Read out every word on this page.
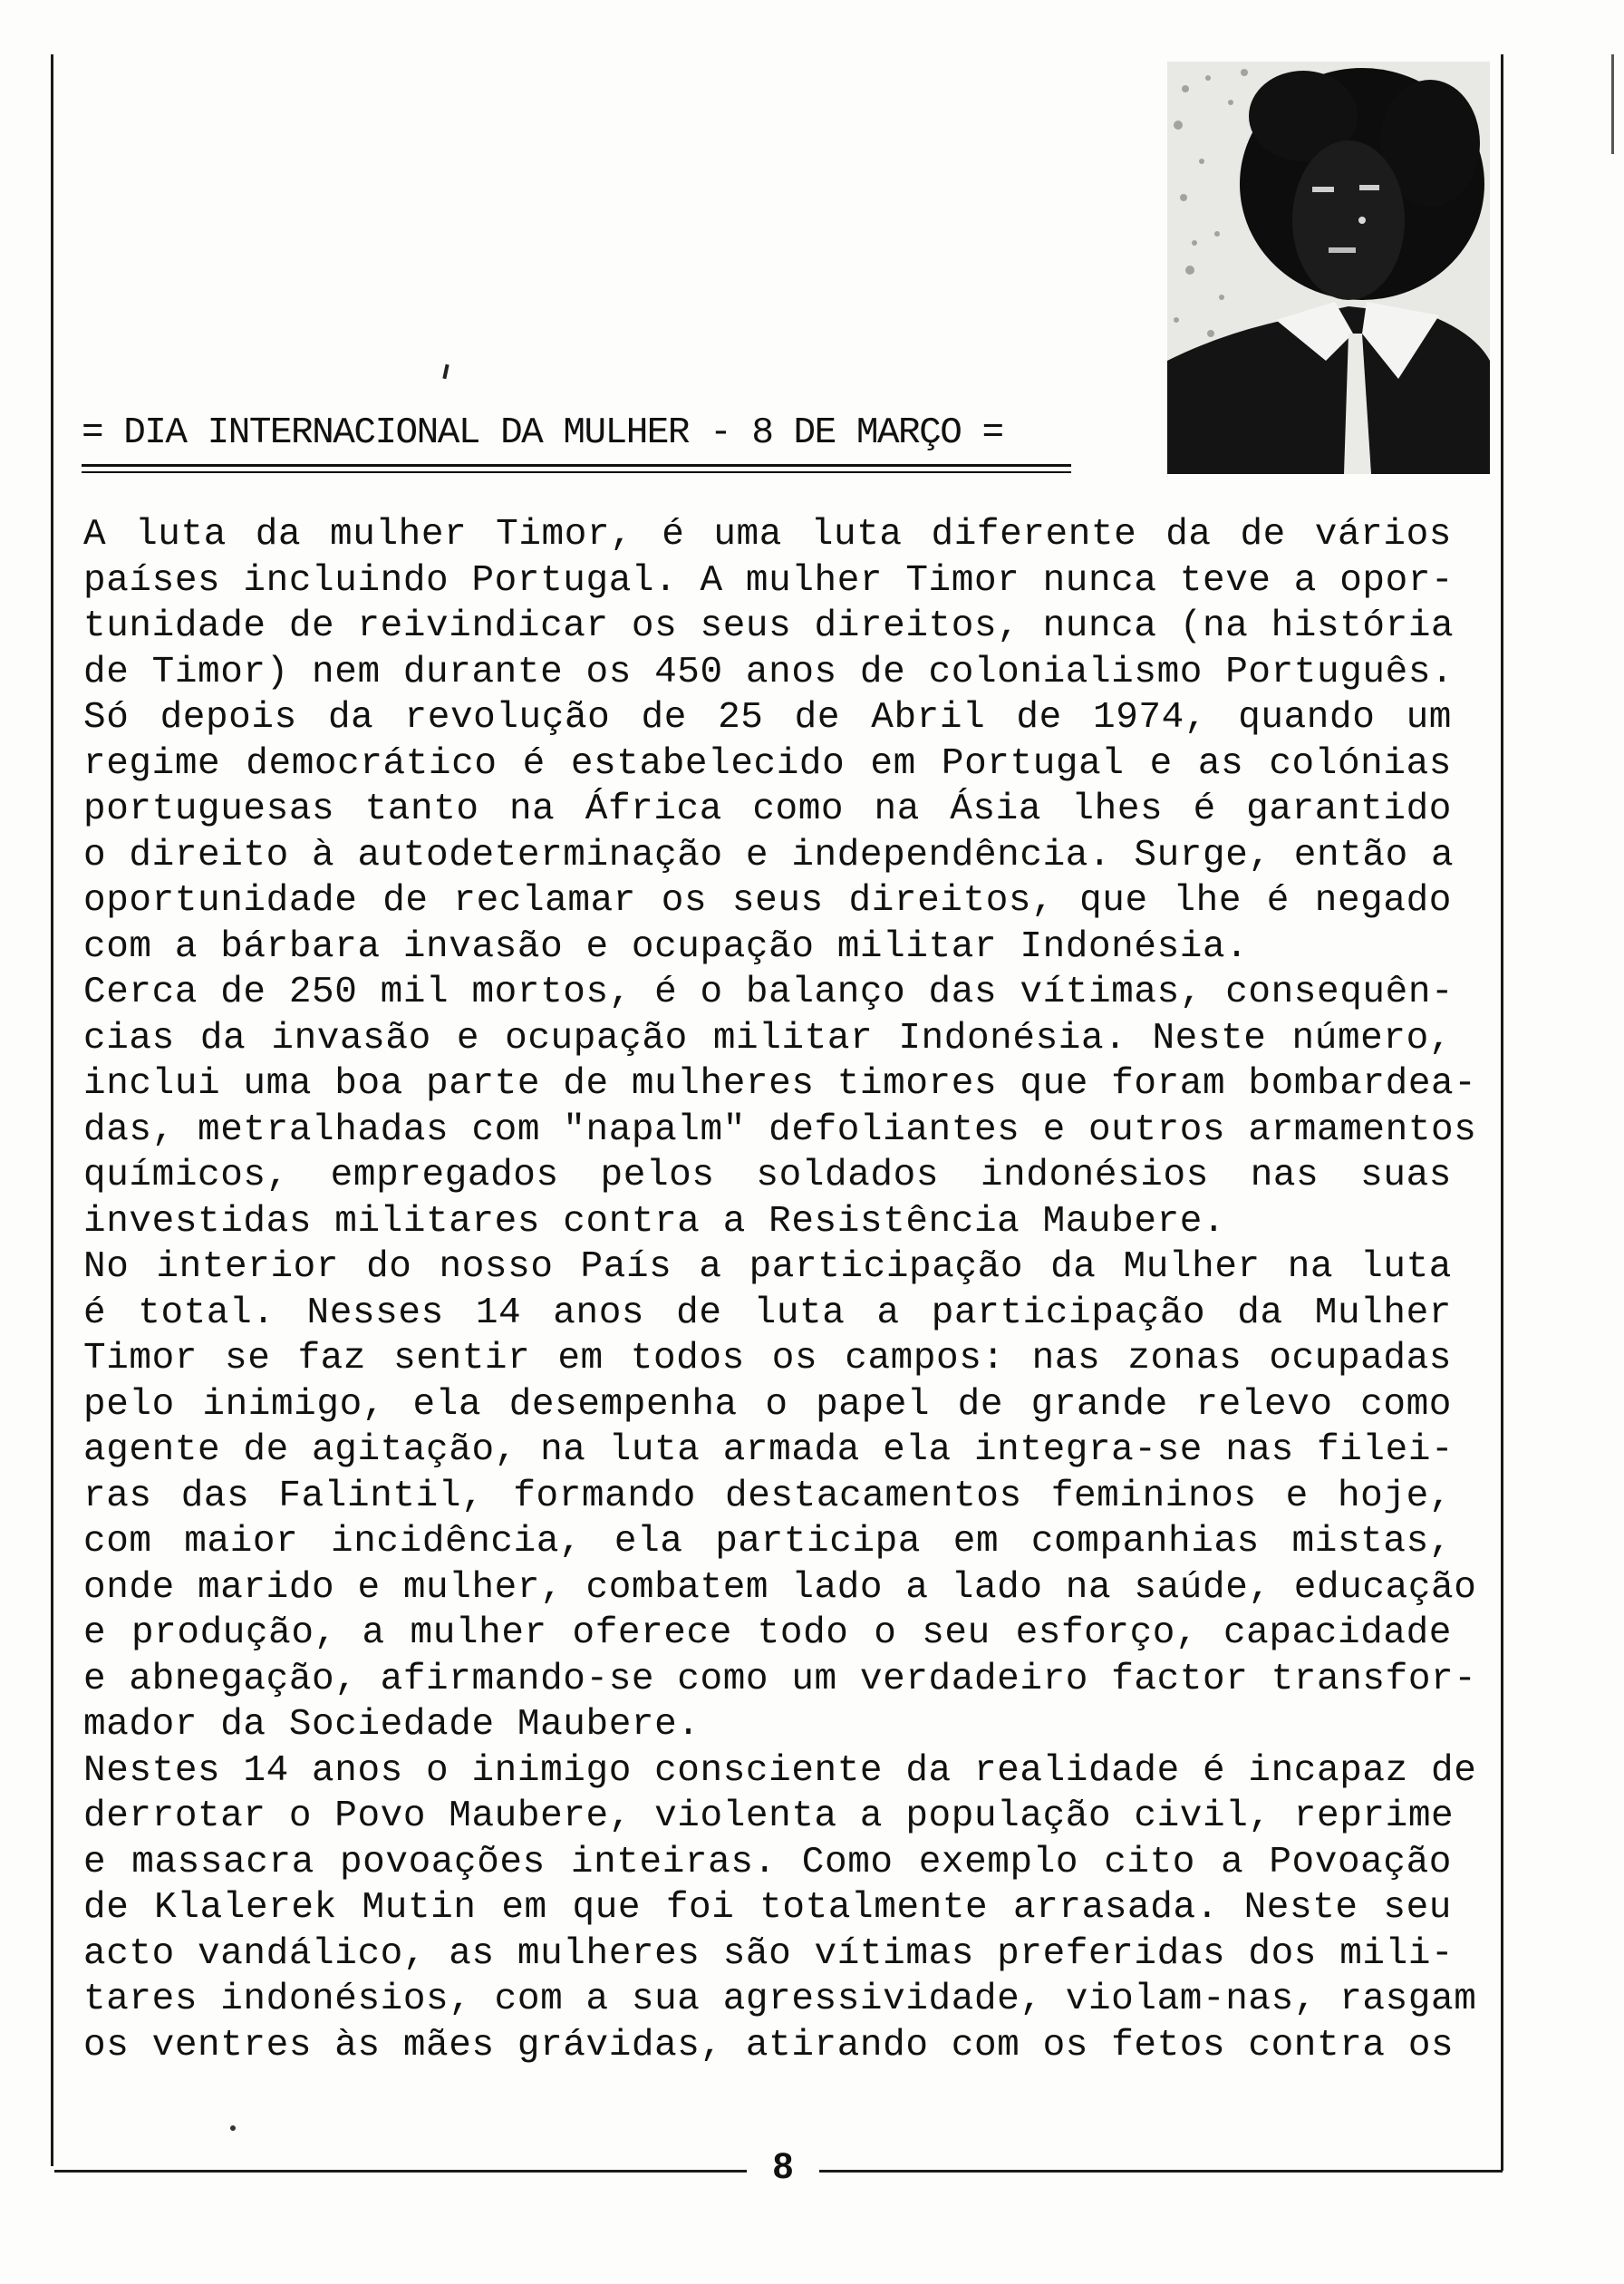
= DIA INTERNACIONAL DA MULHER - 8 DE MARÇO =
A luta da mulher Timor, é uma luta diferente da de vários
países incluindo Portugal. A mulher Timor nunca teve a opor-
tunidade de reivindicar os seus direitos, nunca (na história
de Timor) nem durante os 450 anos de colonialismo Português.
Só depois da revolução de 25 de Abril de 1974, quando um
regime democrático é estabelecido em Portugal e as colónias
portuguesas tanto na África como na Ásia lhes é garantido
o direito à autodeterminação e independência. Surge, então a
oportunidade de reclamar os seus direitos, que lhe é negado
com a bárbara invasão e ocupação militar Indonésia.
Cerca de 250 mil mortos, é o balanço das vítimas, consequên-
cias da invasão e ocupação militar Indonésia. Neste número,
inclui uma boa parte de mulheres timores que foram bombardea-
das, metralhadas com "napalm" defoliantes e outros armamentos
químicos, empregados pelos soldados indonésios nas suas
investidas militares contra a Resistência Maubere.
No interior do nosso País a participação da Mulher na luta
é total. Nesses 14 anos de luta a participação da Mulher
Timor se faz sentir em todos os campos: nas zonas ocupadas
pelo inimigo, ela desempenha o papel de grande relevo como
agente de agitação, na luta armada ela integra-se nas filei-
ras das Falintil, formando destacamentos femininos e hoje,
com maior incidência, ela participa em companhias mistas,
onde marido e mulher, combatem lado a lado na saúde, educação
e produção, a mulher oferece todo o seu esforço, capacidade
e abnegação, afirmando-se como um verdadeiro factor transfor-
mador da Sociedade Maubere.
Nestes 14 anos o inimigo consciente da realidade é incapaz de
derrotar o Povo Maubere, violenta a população civil, reprime
e massacra povoações inteiras. Como exemplo cito a Povoação
de Klalerek Mutin em que foi totalmente arrasada. Neste seu
acto vandálico, as mulheres são vítimas preferidas dos mili-
tares indonésios, com a sua agressividade, violam-nas, rasgam
os ventres às mães grávidas, atirando com os fetos contra os
8
